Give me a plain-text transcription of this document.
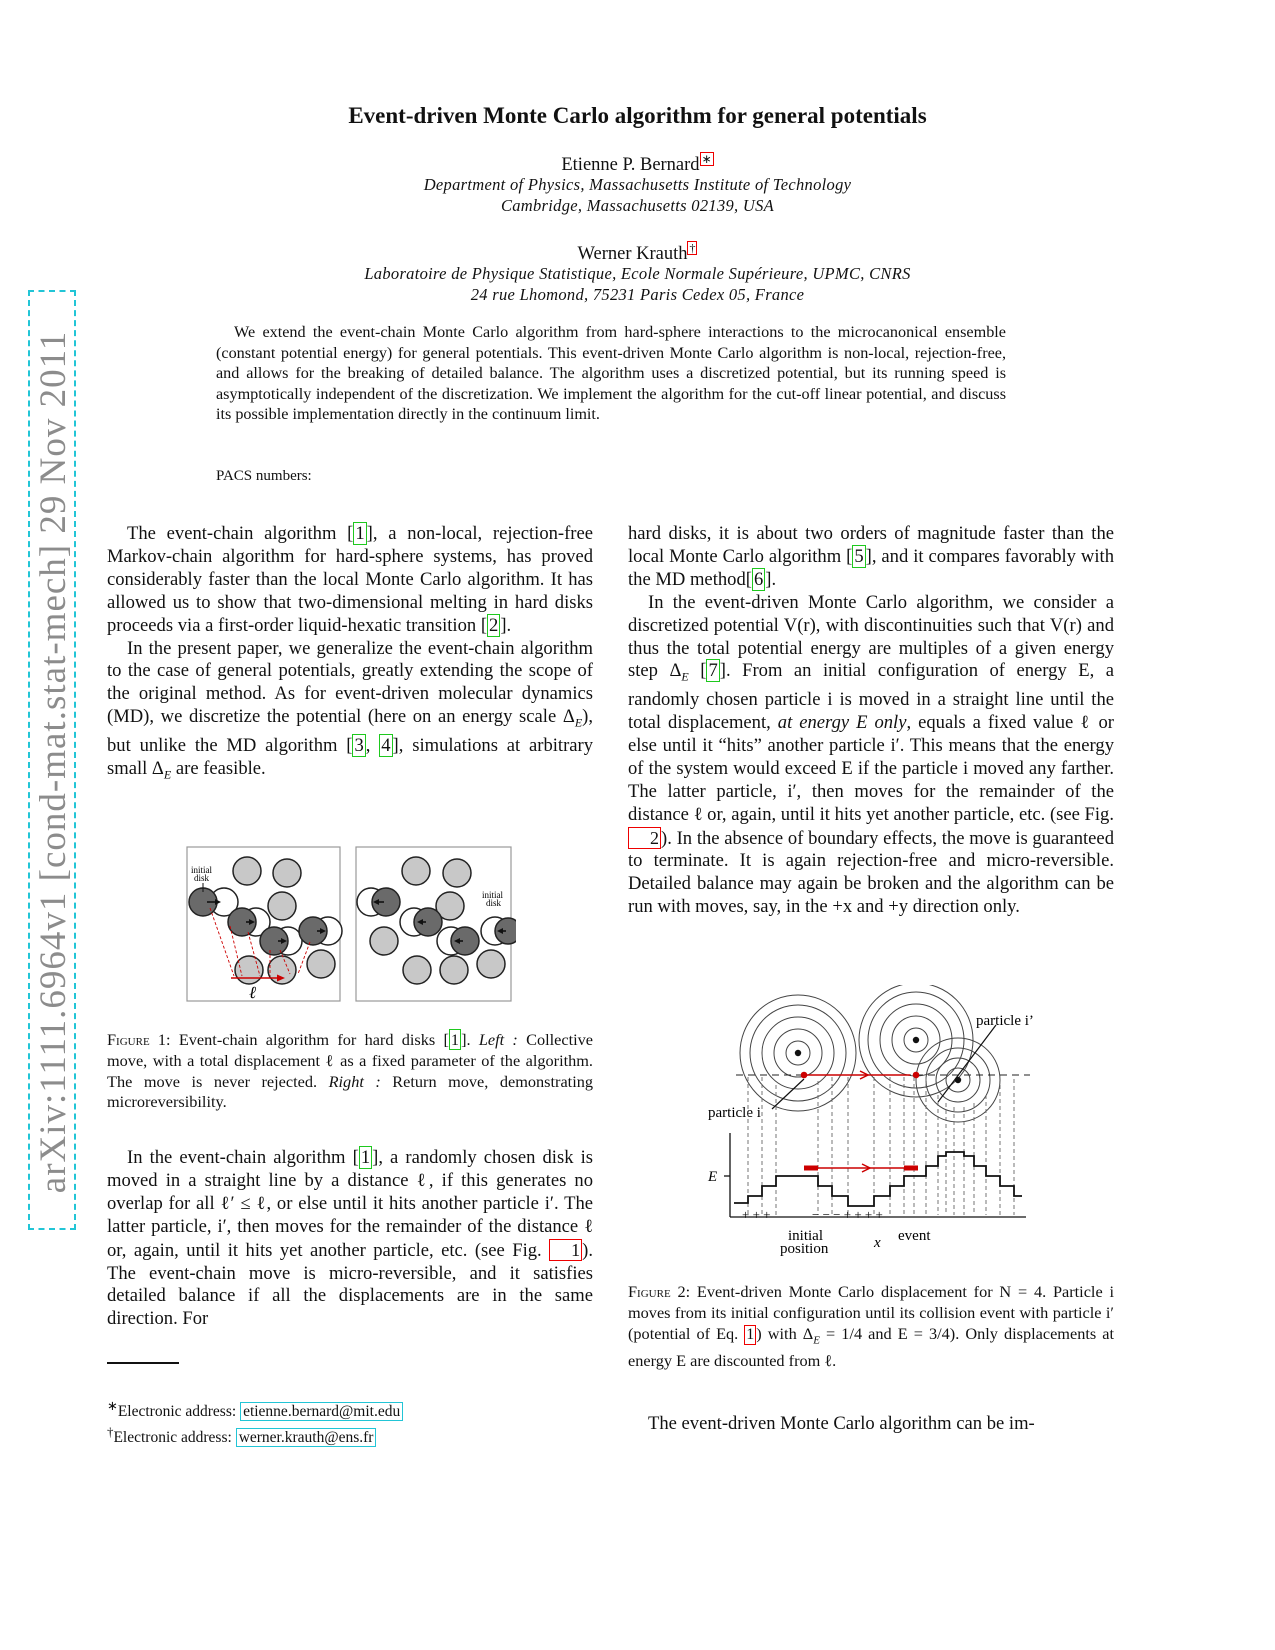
arXiv:1111.6964v1 [cond-mat.stat-mech] 29 Nov 2011
Event-driven Monte Carlo algorithm for general potentials
Etienne P. Bernard ∗
Department of Physics, Massachusetts Institute of Technology
Cambridge, Massachusetts 02139, USA
Werner Krauth †
Laboratoire de Physique Statistique, Ecole Normale Supérieure, UPMC, CNRS
24 rue Lhomond, 75231 Paris Cedex 05, France
We extend the event-chain Monte Carlo algorithm from hard-sphere interactions to the microcanonical ensemble (constant potential energy) for general potentials. This event-driven Monte Carlo algorithm is non-local, rejection-free, and allows for the breaking of detailed balance. The algorithm uses a discretized potential, but its running speed is asymptotically independent of the discretization. We implement the algorithm for the cut-off linear potential, and discuss its possible implementation directly in the continuum limit.
PACS numbers:

The event-chain algorithm [ 1 ], a non-local, rejection-free Markov-chain algorithm for hard-sphere systems, has proved considerably faster than the local Monte Carlo algorithm. It has allowed us to show that two-dimensional melting in hard disks proceeds via a first-order liquid-hexatic transition [ 2 ].

In the present paper, we generalize the event-chain algorithm to the case of general potentials, greatly extending the scope of the original method. As for event-driven molecular dynamics (MD), we discretize the potential (here on an energy scale $\Delta_E$), but unlike the MD algorithm [ 3 , 4 ], simulations at arbitrary small $\Delta_E$ are feasible.

initial
disk
ℓ
initial
disk
Figure 1: Event-chain algorithm for hard disks [ 1 ]. Left : Collective move, with a total displacement ℓ as a fixed parameter of the algorithm. The move is never rejected. Right : Return move, demonstrating microreversibility.

In the event-chain algorithm [ 1 ], a randomly chosen disk is moved in a straight line by a distance ℓ, if this generates no overlap for all ℓ′ ≤ ℓ, or else until it hits another particle i′. The latter particle, i′, then moves for the remainder of the distance ℓ or, again, until it hits yet another particle, etc. (see Fig. 1 ). The event-chain move is micro-reversible, and it satisfies detailed balance if all the displacements are in the same direction. For

∗Electronic address: etienne.bernard@mit.edu
†Electronic address: werner.krauth@ens.fr

hard disks, it is about two orders of magnitude faster than the local Monte Carlo algorithm [ 5 ], and it compares favorably with the MD method[ 6 ].

In the event-driven Monte Carlo algorithm, we consider a discretized potential V(r), with discontinuities such that V(r) and thus the total potential energy are multiples of a given energy step $\Delta_E$ [ 7 ]. From an initial configuration of energy E, a randomly chosen particle i is moved in a straight line until the total displacement, at energy E only, equals a fixed value ℓ or else until it “hits” another particle i′. This means that the energy of the system would exceed E if the particle i moved any farther. The latter particle, i′, then moves for the remainder of the distance ℓ or, again, until it hits yet another particle, etc. (see Fig. 2 ). In the absence of boundary effects, the move is guaranteed to terminate. It is again rejection-free and micro-reversible. Detailed balance may again be broken and the algorithm can be run with moves, say, in the +x and +y direction only.

particle i
particle i’
E
+ + +	− − − + + + +
initial
position	x event
Figure 2: Event-driven Monte Carlo displacement for N = 4. Particle i moves from its initial configuration until its collision event with particle i′ (potential of Eq. 1 ) with $\Delta_E = 1/4$ and E = 3/4). Only displacements at energy E are discounted from ℓ.

The event-driven Monte Carlo algorithm can be im-
